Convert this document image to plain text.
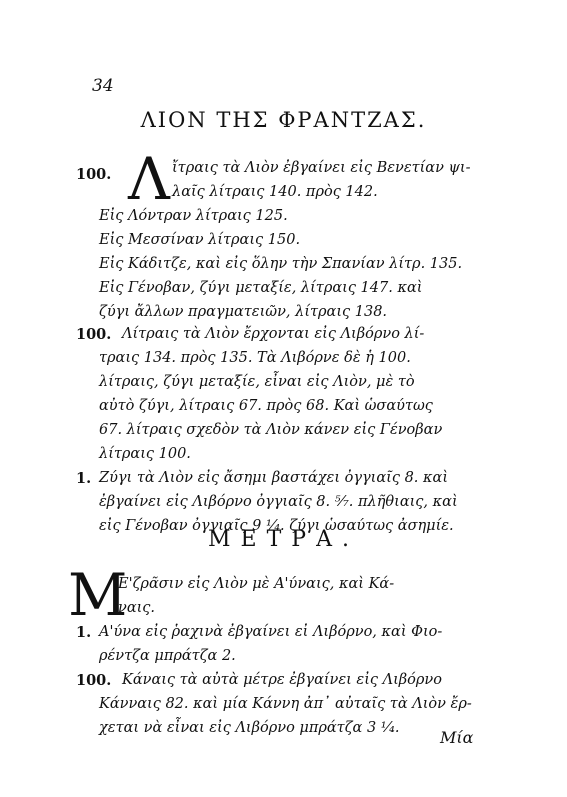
34
ΛΙΟΝ ΤΗΣ ΦΡΑΝΤΖΑΣ.
100. Λ ἴτραις τὰ Λιὸν ἐβγαίνει εἰς Βενετίαν ψι-
λαῖς λίτραις 140. πρὸς 142.
Εἰς Λόντραν λίτραις 125.
Εἰς Μεσσίναν λίτραις 150.
Εἰς Κάδιτζε, καὶ εἰς ὅλην τὴν Σπανίαν λίτρ. 135.
Εἰς Γένοβαν, ζύγι μεταξίε, λίτραις 147. καὶ
ζύγι ἄλλων πραγματειῶν, λίτραις 138.
100. Λίτραις τὰ Λιὸν ἔρχονται εἰς Λιβόρνο λί-
τραις 134. πρὸς 135. Τὰ Λιβόρνε δὲ ἡ 100.
λίτραις, ζύγι μεταξίε, εἶναι εἰς Λιὸν, μὲ τὸ
αὐτὸ ζύγι, λίτραις 67. πρὸς 68. Καὶ ὡσαύτως
67. λίτραις σχεδὸν τὰ Λιὸν κάνεν εἰς Γένοβαν
λίτραις 100.
1. Ζύγι τὰ Λιὸν εἰς ἄσημι βαστάχει ὀγγιαῖς 8. καὶ
ἐβγαίνει εἰς Λιβόρνο ὀγγιαῖς 8. ⁵⁄₇. πλῆθιαις, καὶ
εἰς Γένοβαν ὀγγιαῖς 9 ¹⁄₄. ζύγι ὡσαύτως ἀσημίε.
ΜΕΤΡΑ.
Μ
Ε'ζρᾶσιν εἰς Λιὸν μὲ Α'ύναις, καὶ Κά-
ναις.
1. Α'ύνα εἰς ῥαχινὰ ἐβγαίνει εἰ Λιβόρνο, καὶ Φιο-
ρέντζα μπράτζα 2.
100. Κάναις τὰ αὐτὰ μέτρε ἐβγαίνει εἰς Λιβόρνο
Κάνναις 82. καὶ μία Κάννη ἀπ᾽ αὐταῖς τὰ Λιὸν ἔρ-
χεται νὰ εἶναι εἰς Λιβόρνο μπράτζα 3 ¹⁄₄.	Μία
